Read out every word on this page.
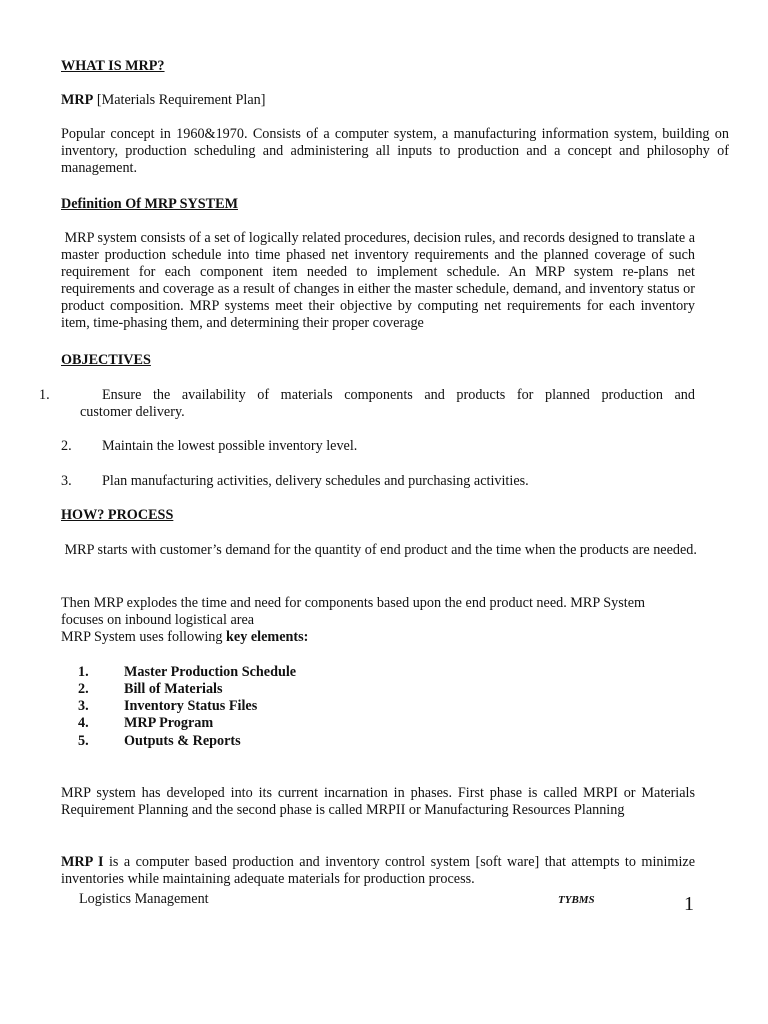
WHAT IS MRP?

MRP [Materials Requirement Plan]

Popular concept in 1960&1970. Consists of a computer system, a manufacturing information system, building on inventory, production scheduling and administering all inputs to production and a concept and philosophy of management.

Definition Of MRP SYSTEM

MRP system consists of a set of logically related procedures, decision rules, and records designed to translate a master production schedule into time phased net inventory requirements and the planned coverage of such requirement for each component item needed to implement schedule. An MRP system re-plans net requirements and coverage as a result of changes in either the master schedule, demand, and inventory status or product composition. MRP systems meet their objective by computing net requirements for each inventory item, time-phasing them, and determining their proper coverage

OBJECTIVES

1.	Ensure the availability of materials components and products for planned production and
customer delivery.
2. Maintain the lowest possible inventory level.
3. Plan manufacturing activities, delivery schedules and purchasing activities.

HOW? PROCESS

MRP starts with customer’s demand for the quantity of end product and the time when the products are needed.

Then MRP explodes the time and need for components based upon the end product need. MRP System
focuses on inbound logistical area
MRP System uses following key elements:
1. Master Production Schedule
2. Bill of Materials
3. Inventory Status Files
4. MRP Program
5. Outputs & Reports

MRP system has developed into its current incarnation in phases. First phase is called MRPI or Materials Requirement Planning and the second phase is called MRPII or Manufacturing Resources Planning

MRP I is a computer based production and inventory control system [soft ware] that attempts to minimize inventories while maintaining adequate materials for production process.

Logistics Management	TYBMS	1
